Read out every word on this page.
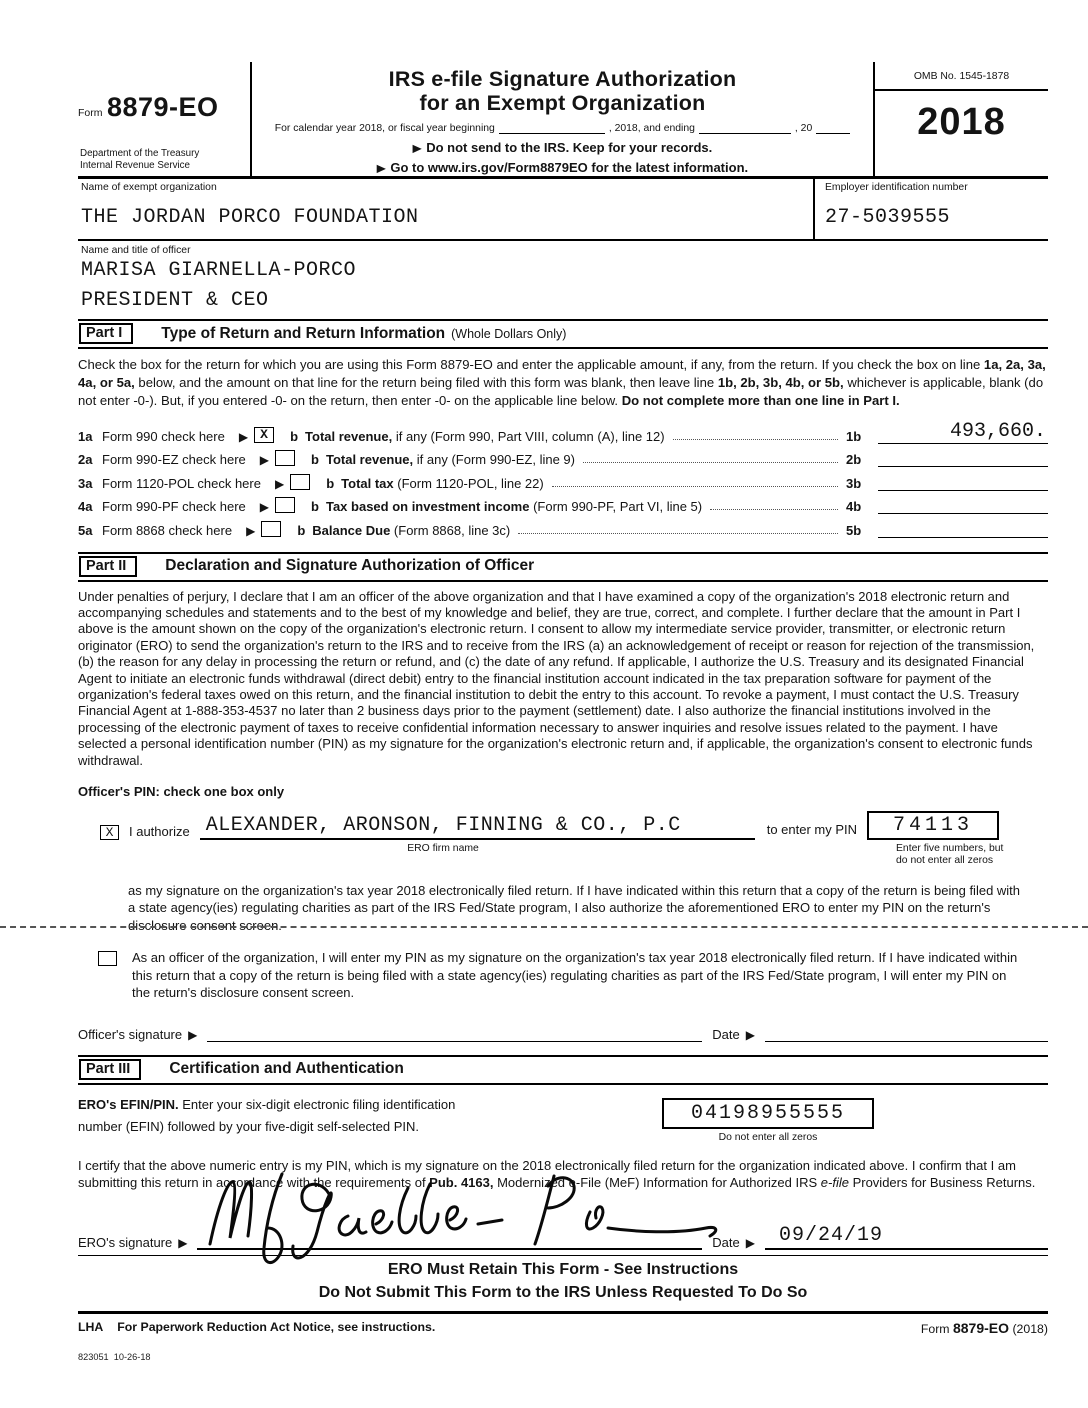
Form 8879-EO
Department of the Treasury
Internal Revenue Service
IRS e-file Signature Authorization
for an Exempt Organization
For calendar year 2018, or fiscal year beginning	, 2018, and ending	, 20
▶ Do not send to the IRS. Keep for your records.
▶ Go to www.irs.gov/Form8879EO for the latest information.
OMB No. 1545-1878
2018
Name of exempt organization
THE JORDAN PORCO FOUNDATION
Employer identification number
27-5039555
Name and title of officer
MARISA GIARNELLA-PORCO
PRESIDENT & CEO
Part I	Type of Return and Return Information (Whole Dollars Only)
Check the box for the return for which you are using this Form 8879-EO and enter the applicable amount, if any, from the return. If you check the box on line 1a, 2a, 3a, 4a, or 5a, below, and the amount on that line for the return being filed with this form was blank, then leave line 1b, 2b, 3b, 4b, or 5b, whichever is applicable, blank (do not enter -0-). But, if you entered -0- on the return, then enter -0- on the applicable line below. Do not complete more than one line in Part I.
1a Form 990 check here ▶ X b Total revenue, if any (Form 990, Part VIII, column (A), line 12)	1b	493,660.
2a Form 990-EZ check here ▶	b Total revenue, if any (Form 990-EZ, line 9)	2b
3a Form 1120-POL check here ▶	b Total tax (Form 1120-POL, line 22)	3b
4a Form 990-PF check here ▶	b Tax based on investment income (Form 990-PF, Part VI, line 5)	4b
5a Form 8868 check here ▶	b Balance Due (Form 8868, line 3c)	5b
Part II	Declaration and Signature Authorization of Officer
Under penalties of perjury, I declare that I am an officer of the above organization and that I have examined a copy of the organization's 2018 electronic return and accompanying schedules and statements and to the best of my knowledge and belief, they are true, correct, and complete. I further declare that the amount in Part I above is the amount shown on the copy of the organization's electronic return. I consent to allow my intermediate service provider, transmitter, or electronic return originator (ERO) to send the organization's return to the IRS and to receive from the IRS (a) an acknowledgement of receipt or reason for rejection of the transmission, (b) the reason for any delay in processing the return or refund, and (c) the date of any refund. If applicable, I authorize the U.S. Treasury and its designated Financial Agent to initiate an electronic funds withdrawal (direct debit) entry to the financial institution account indicated in the tax preparation software for payment of the organization's federal taxes owed on this return, and the financial institution to debit the entry to this account. To revoke a payment, I must contact the U.S. Treasury Financial Agent at 1-888-353-4537 no later than 2 business days prior to the payment (settlement) date. I also authorize the financial institutions involved in the processing of the electronic payment of taxes to receive confidential information necessary to answer inquiries and resolve issues related to the payment. I have selected a personal identification number (PIN) as my signature for the organization's electronic return and, if applicable, the organization's consent to electronic funds withdrawal.
Officer's PIN: check one box only
X I authorize ALEXANDER, ARONSON, FINNING & CO., P.C	to enter my PIN	74113
ERO firm name	Enter five numbers, but
do not enter all zeros
as my signature on the organization's tax year 2018 electronically filed return. If I have indicated within this return that a copy of the return is being filed with a state agency(ies) regulating charities as part of the IRS Fed/State program, I also authorize the aforementioned ERO to enter my PIN on the return's disclosure consent screen.
As an officer of the organization, I will enter my PIN as my signature on the organization's tax year 2018 electronically filed return. If I have indicated within this return that a copy of the return is being filed with a state agency(ies) regulating charities as part of the IRS Fed/State program, I will enter my PIN on the return's disclosure consent screen.
Officer's signature ▶	Date ▶
Part III	Certification and Authentication
ERO's EFIN/PIN. Enter your six-digit electronic filing identification
number (EFIN) followed by your five-digit self-selected PIN.
04198955555
Do not enter all zeros
I certify that the above numeric entry is my PIN, which is my signature on the 2018 electronically filed return for the organization indicated above. I confirm that I am submitting this return in accordance with the requirements of Pub. 4163, Modernized e-File (MeF) Information for Authorized IRS e-file Providers for Business Returns.
ERO's signature ▶	Date ▶	09/24/19
ERO Must Retain This Form - See Instructions
Do Not Submit This Form to the IRS Unless Requested To Do So
LHA For Paperwork Reduction Act Notice, see instructions.	Form 8879-EO (2018)
823051  10-26-18
